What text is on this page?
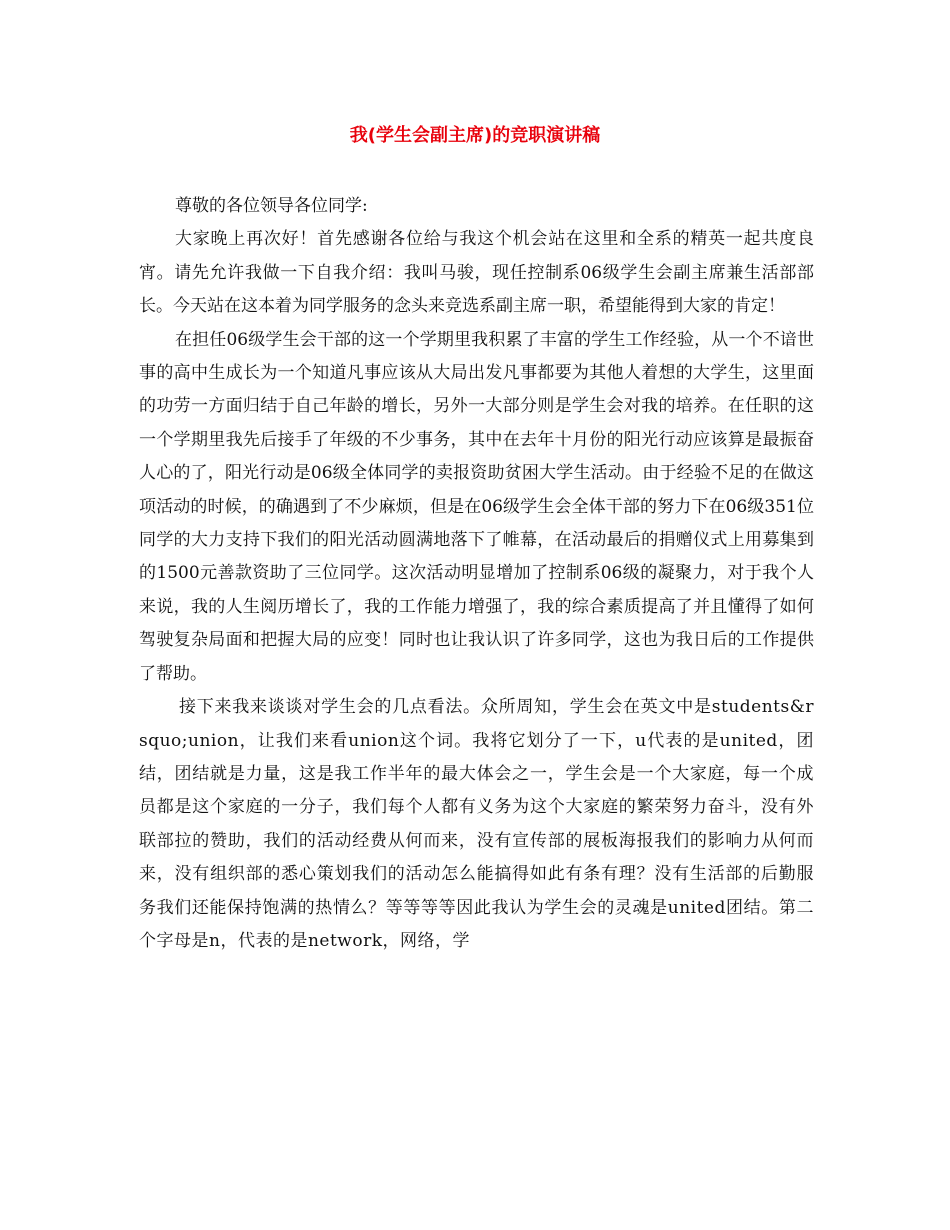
我(学生会副主席)的竞职演讲稿

尊敬的各位领导各位同学:

大家晚上再次好！首先感谢各位给与我这个机会站在这里和全系的精英一起共度良宵。请先允许我做一下自我介绍：我叫马骏，现任控制系06级学生会副主席兼生活部部长。今天站在这本着为同学服务的念头来竞选系副主席一职，希望能得到大家的肯定！

在担任06级学生会干部的这一个学期里我积累了丰富的学生工作经验，从一个不谙世事的高中生成长为一个知道凡事应该从大局出发凡事都要为其他人着想的大学生，这里面的功劳一方面归结于自己年龄的增长，另外一大部分则是学生会对我的培养。在任职的这一个学期里我先后接手了年级的不少事务，其中在去年十月份的阳光行动应该算是最振奋人心的了，阳光行动是06级全体同学的卖报资助贫困大学生活动。由于经验不足的在做这项活动的时候，的确遇到了不少麻烦，但是在06级学生会全体干部的努力下在06级351位同学的大力支持下我们的阳光活动圆满地落下了帷幕，在活动最后的捐赠仪式上用募集到的1500元善款资助了三位同学。这次活动明显增加了控制系06级的凝聚力，对于我个人来说，我的人生阅历增长了，我的工作能力增强了，我的综合素质提高了并且懂得了如何驾驶复杂局面和把握大局的应变！同时也让我认识了许多同学，这也为我日后的工作提供了帮助。

接下来我来谈谈对学生会的几点看法。众所周知，学生会在英文中是students&rsquo;union，让我们来看union这个词。我将它划分了一下，u代表的是united，团结，团结就是力量，这是我工作半年的最大体会之一，学生会是一个大家庭，每一个成员都是这个家庭的一分子，我们每个人都有义务为这个大家庭的繁荣努力奋斗，没有外联部拉的赞助，我们的活动经费从何而来，没有宣传部的展板海报我们的影响力从何而来，没有组织部的悉心策划我们的活动怎么能搞得如此有条有理？没有生活部的后勤服务我们还能保持饱满的热情么？等等等等因此我认为学生会的灵魂是united团结。第二个字母是n，代表的是network，网络，学
